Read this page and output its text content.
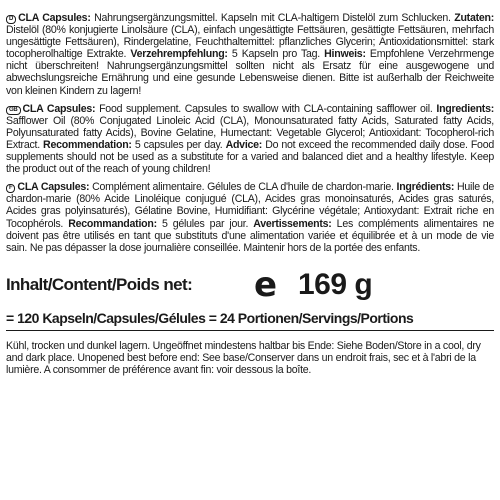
D CLA Capsules: Nahrungsergänzungsmittel. Kapseln mit CLA-haltigem Distelöl zum Schlucken. Zutaten: Distelöl (80% konjugierte Linolsäure (CLA), einfach ungesättigte Fettsäuren, gesättigte Fettsäuren, mehrfach ungesättigte Fettsäuren), Rindergelatine, Feuchthaltemittel: pflanzliches Glycerin; Antioxidationsmittel: stark tocopherolhaltige Extrakte. Verzehrempfehlung: 5 Kapseln pro Tag. Hinweis: Empfohlene Verzehrmenge nicht überschreiten! Nahrungsergänzungsmittel sollten nicht als Ersatz für eine ausgewogene und abwechslungsreiche Ernährung und eine gesunde Lebensweise dienen. Bitte ist außerhalb der Reichweite von kleinen Kindern zu lagern!
GB CLA Capsules: Food supplement. Capsules to swallow with CLA-containing safflower oil. Ingredients: Safflower Oil (80% Conjugated Linoleic Acid (CLA), Monounsaturated fatty Acids, Saturated fatty Acids, Polyunsaturated fatty Acids), Bovine Gelatine, Humectant: Vegetable Glycerol; Antioxidant: Tocopherol-rich Extract. Recommendation: 5 capsules per day. Advice: Do not exceed the recommended daily dose. Food supplements should not be used as a substitute for a varied and balanced diet and a healthy lifestyle. Keep the product out of the reach of young children!
F CLA Capsules: Complément alimentaire. Gélules de CLA d'huile de chardon-marie. Ingrédients: Huile de chardon-marie (80% Acide Linoléique conjugué (CLA), Acides gras monoinsaturés, Acides gras saturés, Acides gras polyinsaturés), Gélatine Bovine, Humidifiant: Glycérine végétale; Antioxydant: Extrait riche en Tocophérols. Recommandation: 5 gélules par jour. Avertissements: Les compléments alimentaires ne doivent pas être utilisés en tant que substituts d'une alimentation variée et équilibrée et à un mode de vie sain. Ne pas dépasser la dose journalière conseillée. Maintenir hors de la portée des enfants.
Inhalt/Content/Poids net:	e 169 g
= 120 Kapseln/Capsules/Gélules = 24 Portionen/Servings/Portions
Kühl, trocken und dunkel lagern. Ungeöffnet mindestens haltbar bis Ende: Siehe Boden/Store in a cool, dry and dark place. Unopened best before end: See base/Conserver dans un endroit frais, sec et à l'abri de la lumière. A consommer de préférence avant fin: voir dessous la boîte.
